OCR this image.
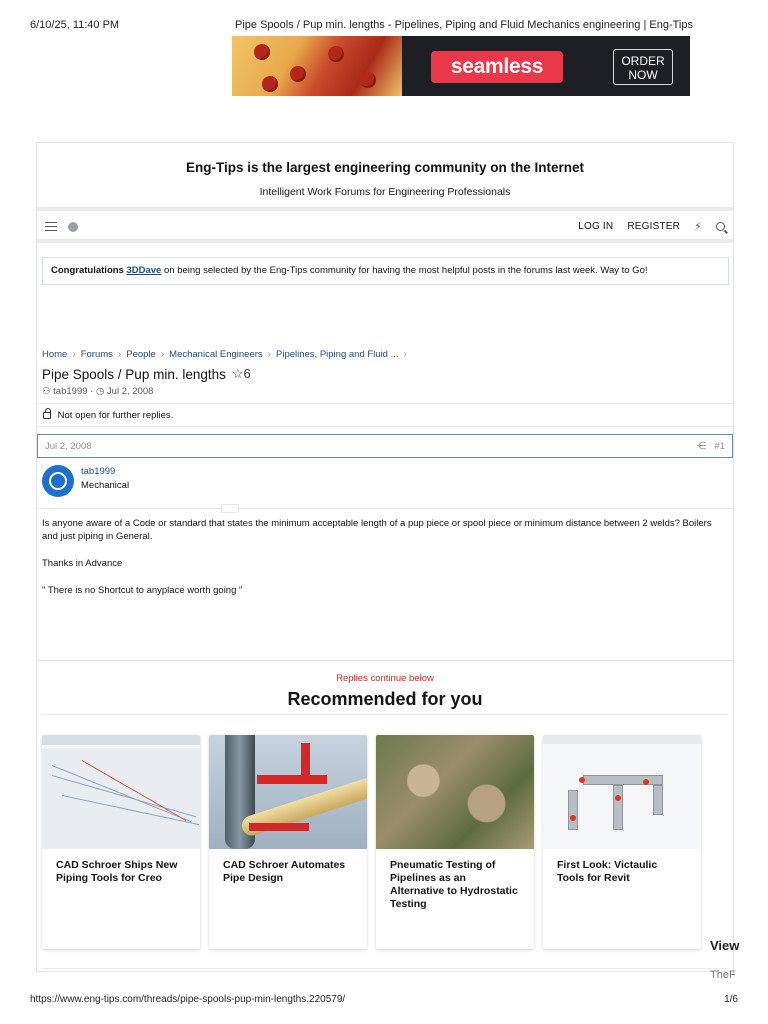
6/10/25, 11:40 PM	Pipe Spools / Pup min. lengths - Pipelines, Piping and Fluid Mechanics engineering | Eng-Tips
seamless	ORDER
NOW
Eng-Tips is the largest engineering community on the Internet
Intelligent Work Forums for Engineering Professionals
LOG IN REGISTER ⚡︎
Congratulations 3DDave on being selected by the Eng-Tips community for having the most helpful posts in the forums last week. Way to Go!
Home › Forums › People › Mechanical Engineers › Pipelines, Piping and Fluid ... ›
Pipe Spools / Pup min. lengths ☆6
⚇ tab1999 · ◷ Jul 2, 2008
Not open for further replies.
Jul 2, 2008	⋲ #1
tab1999
Mechanical

Is anyone aware of a Code or standard that states the minimum acceptable length of a pup piece or spool piece or minimum distance between 2 welds? Boilers and just piping in General.

Thanks in Advance

" There is no Shortcut to anyplace worth going "

Replies continue below
Recommended for you
CAD Schroer Ships New Piping Tools for Creo
CAD Schroer Automates Pipe Design
Pneumatic Testing of Pipelines as an Alternative to Hydrostatic Testing
First Look: Victaulic Tools for Revit
View
TheF
https://www.eng-tips.com/threads/pipe-spools-pup-min-lengths.220579/	1/6
